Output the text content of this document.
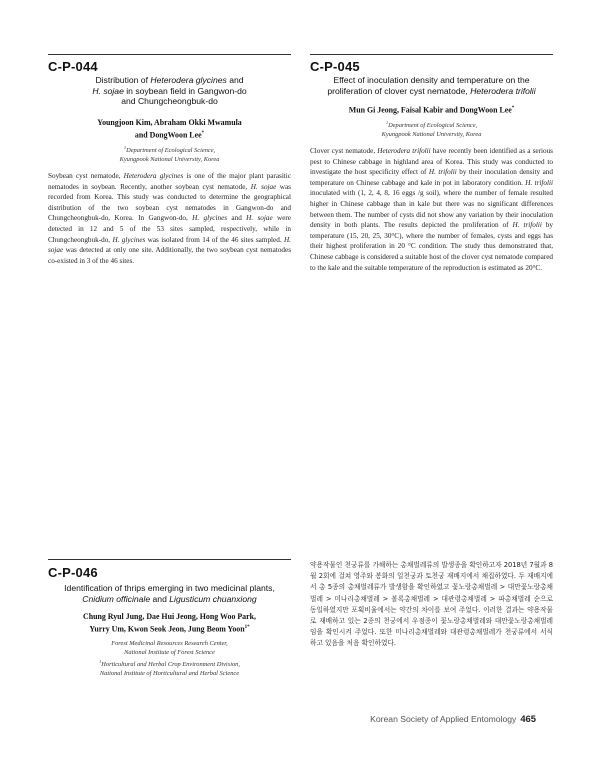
C-P-044
Distribution of Heterodera glycines and
H. sojae in soybean field in Gangwon-do
and Chungcheongbuk-do
Youngjoon Kim, Abraham Okki Mwamula
and DongWoon Lee*
$^1$Department of Ecological Science,
Kyungpook National University, Korea
Soybean cyst nematode, Heterodera glycines is one of the major plant parasitic nematodes in soybean. Recently, another soybean cyst nematode, H. sojae was recorded from Korea. This study was conducted to determine the geographical distribution of the two soybean cyst nematodes in Gangwon-do and Chungcheongbuk-do, Korea. In Gangwon-do, H. glycines and H. sojae were detected in 12 and 5 of the 53 sites sampled, respectively, while in Chungcheongbuk-do, H. glycines was isolated from 14 of the 46 sites sampled. H. sojae was detected at only one site. Additionally, the two soybean cyst nematodes co-existed in 3 of the 46 sites.
C-P-045
Effect of inoculation density and temperature on the
proliferation of clover cyst nematode, Heterodera trifolii
Mun Gi Jeong, Faisal Kabir and DongWoon Lee*
$^1$Department of Ecological Science,
Kyungpook National University, Korea
Clover cyst nematode, Heterodera trifolii have recently been identified as a serious pest to Chinese cabbage in highland area of Korea. This study was conducted to investigate the host specificity effect of H. trifolii by their inoculation density and temperature on Chinese cabbage and kale in pot in laboratory condition. H. trifolii inoculated with (1, 2, 4, 8, 16 eggs /g soil), where the number of female resulted higher in Chinese cabbage than in kale but there was no significant differences between them. The number of cysts did not show any variation by their inoculation density in both plants. The results depicted the proliferation of H. trifolii by temperature (15, 20, 25, 30°C), where the number of females, cysts and eggs has their highest proliferation in 20 °C condition. The study thus demonstrated that, Chinese cabbage is considered a suitable host of the clover cyst nematode compared to the kale and the suitable temperature of the reproduction is estimated as 20°C.
C-P-046
Identification of thrips emerging in two medicinal plants,
Cnidium officinale and Ligusticum chuanxiong
Chung Ryul Jung, Dae Hui Jeong, Hong Woo Park,
Yurry Um, Kwon Seok Jeon, Jung Beom Yoon$^{1*}$
Forest Medicinal Resources Research Center,
National Institute of Forest Science
$^1$Horticultural and Herbal Crop Environment Division,
National Institute of Horticultural and Herbal Science
약용작물인 천궁류를 가해하는 총채벌레류의 발생종을 확인하고자 2018년 7월과 8월 2회에 걸쳐 영주와 봉화의 일천궁과 토천궁 재배지에서 채집하였다. 두 재배지에서 총 5종의 총채벌레류가 발생함을 확인하였고 꽃노랑총채벌레 > 대만꽃노랑총채벌레 > 미나리총채벌레 > 볼록총채벌레 > 대관령총채벌레 > 파총채벌레 순으로 동일하였지만 포획비율에서는 약간의 차이를 보여 주었다. 이러한 결과는 약용작물로 재배하고 있는 2종의 천궁에서 우점종이 꽃노랑총채벌레와 대만꽃노랑총채벌레임을 확인시켜 주었다. 또한 미나리총채벌레와 대관령총채벌레가 천궁류에서 서식하고 있음을 처음 확인하였다.
Korean Society of Applied Entomology 465
